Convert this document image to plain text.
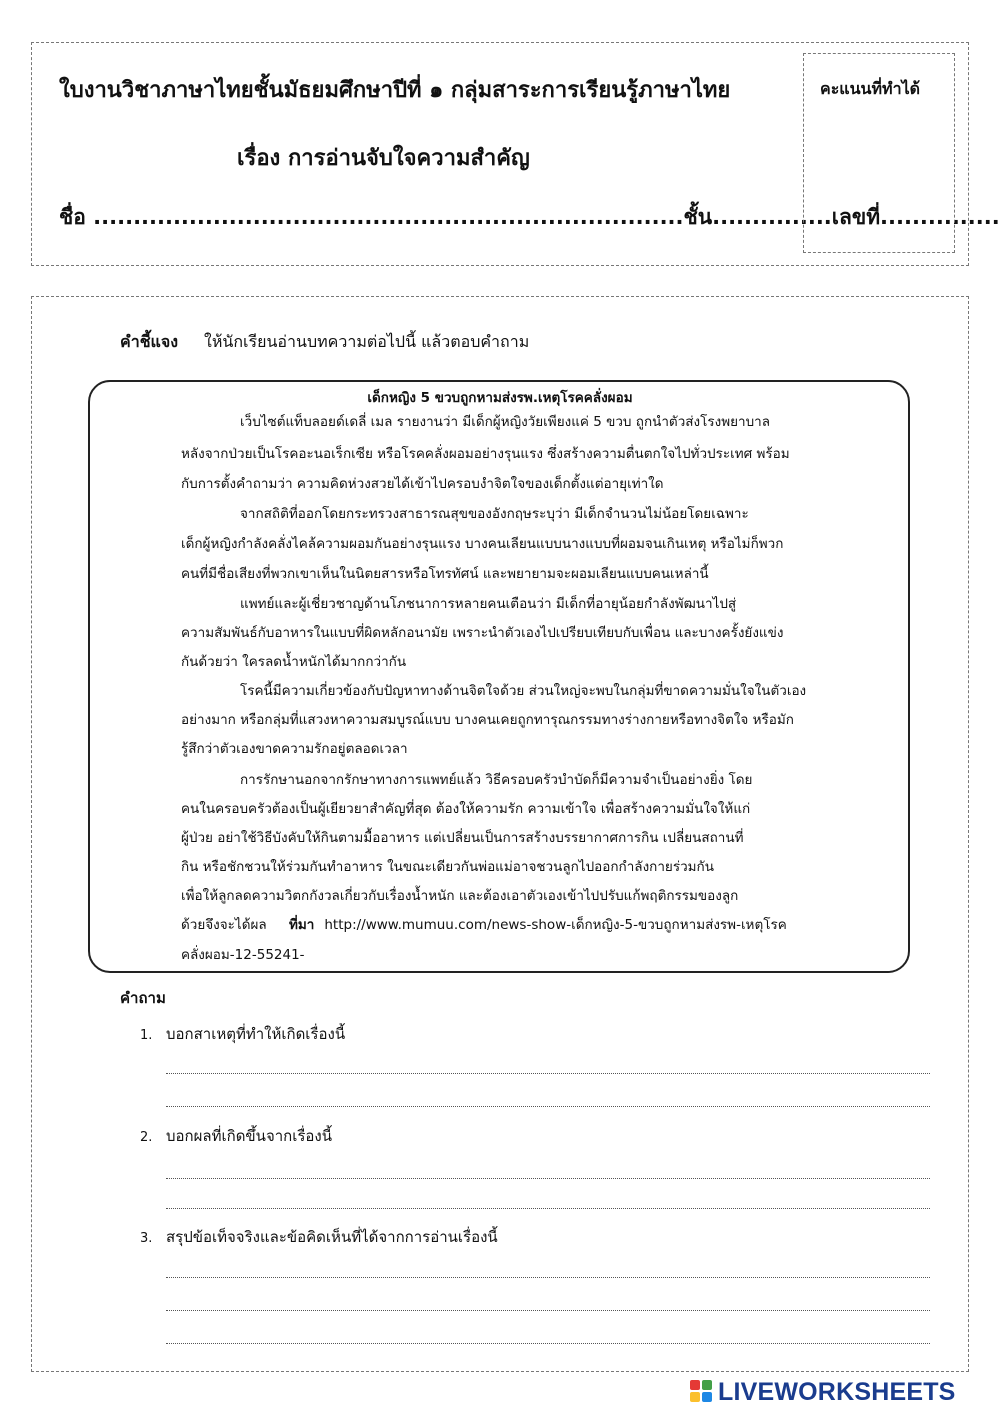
ใบงานวิชาภาษาไทยชั้นมัธยมศึกษาปีที่ ๑ กลุ่มสาระการเรียนรู้ภาษาไทย
เรื่อง การอ่านจับใจความสำคัญ
ชื่อ ..........................................................................ชั้น...............เลขที่...............
คะแนนที่ทำได้
คำชี้แจง ให้นักเรียนอ่านบทความต่อไปนี้ แล้วตอบคำถาม
เด็กหญิง 5 ขวบถูกหามส่งรพ.เหตุโรคคลั่งผอม
เว็บไซต์แท็บลอยด์เดลี่ เมล รายงานว่า มีเด็กผู้หญิงวัยเพียงแค่ 5 ขวบ ถูกนำตัวส่งโรงพยาบาล
หลังจากป่วยเป็นโรคอะนอเร็กเซีย หรือโรคคลั่งผอมอย่างรุนแรง ซึ่งสร้างความตื่นตกใจไปทั่วประเทศ พร้อม
กับการตั้งคำถามว่า ความคิดห่วงสวยได้เข้าไปครอบงำจิตใจของเด็กตั้งแต่อายุเท่าใด
จากสถิติที่ออกโดยกระทรวงสาธารณสุขของอังกฤษระบุว่า มีเด็กจำนวนไม่น้อยโดยเฉพาะ
เด็กผู้หญิงกำลังคลั่งไคล้ความผอมกันอย่างรุนแรง บางคนเลียนแบบนางแบบที่ผอมจนเกินเหตุ หรือไม่ก็พวก
คนที่มีชื่อเสียงที่พวกเขาเห็นในนิตยสารหรือโทรทัศน์ และพยายามจะผอมเลียนแบบคนเหล่านี้
แพทย์และผู้เชี่ยวชาญด้านโภชนาการหลายคนเตือนว่า มีเด็กที่อายุน้อยกำลังพัฒนาไปสู่
ความสัมพันธ์กับอาหารในแบบที่ผิดหลักอนามัย เพราะนำตัวเองไปเปรียบเทียบกับเพื่อน และบางครั้งยังแข่ง
กันด้วยว่า ใครลดน้ำหนักได้มากกว่ากัน
โรคนี้มีความเกี่ยวข้องกับปัญหาทางด้านจิตใจด้วย ส่วนใหญ่จะพบในกลุ่มที่ขาดความมั่นใจในตัวเอง
อย่างมาก หรือกลุ่มที่แสวงหาความสมบูรณ์แบบ บางคนเคยถูกทารุณกรรมทางร่างกายหรือทางจิตใจ หรือมัก
รู้สึกว่าตัวเองขาดความรักอยู่ตลอดเวลา
การรักษานอกจากรักษาทางการแพทย์แล้ว วิธีครอบครัวบำบัดก็มีความจำเป็นอย่างยิ่ง โดย
คนในครอบครัวต้องเป็นผู้เยียวยาสำคัญที่สุด ต้องให้ความรัก ความเข้าใจ เพื่อสร้างความมั่นใจให้แก่
ผู้ป่วย อย่าใช้วิธีบังคับให้กินตามมื้ออาหาร แต่เปลี่ยนเป็นการสร้างบรรยากาศการกิน เปลี่ยนสถานที่
กิน หรือชักชวนให้ร่วมกันทำอาหาร ในขณะเดียวกันพ่อแม่อาจชวนลูกไปออกกำลังกายร่วมกัน
เพื่อให้ลูกลดความวิตกกังวลเกี่ยวกับเรื่องน้ำหนัก และต้องเอาตัวเองเข้าไปปรับแก้พฤติกรรมของลูก
ด้วยจึงจะได้ผล ที่มา http://www.mumuu.com/news-show-เด็กหญิง-5-ขวบถูกหามส่งรพ-เหตุโรค
คลั่งผอม-12-55241-
คำถาม
1. บอกสาเหตุที่ทำให้เกิดเรื่องนี้
2. บอกผลที่เกิดขึ้นจากเรื่องนี้
3. สรุปข้อเท็จจริงและข้อคิดเห็นที่ได้จากการอ่านเรื่องนี้
LIVEWORKSHEETS
